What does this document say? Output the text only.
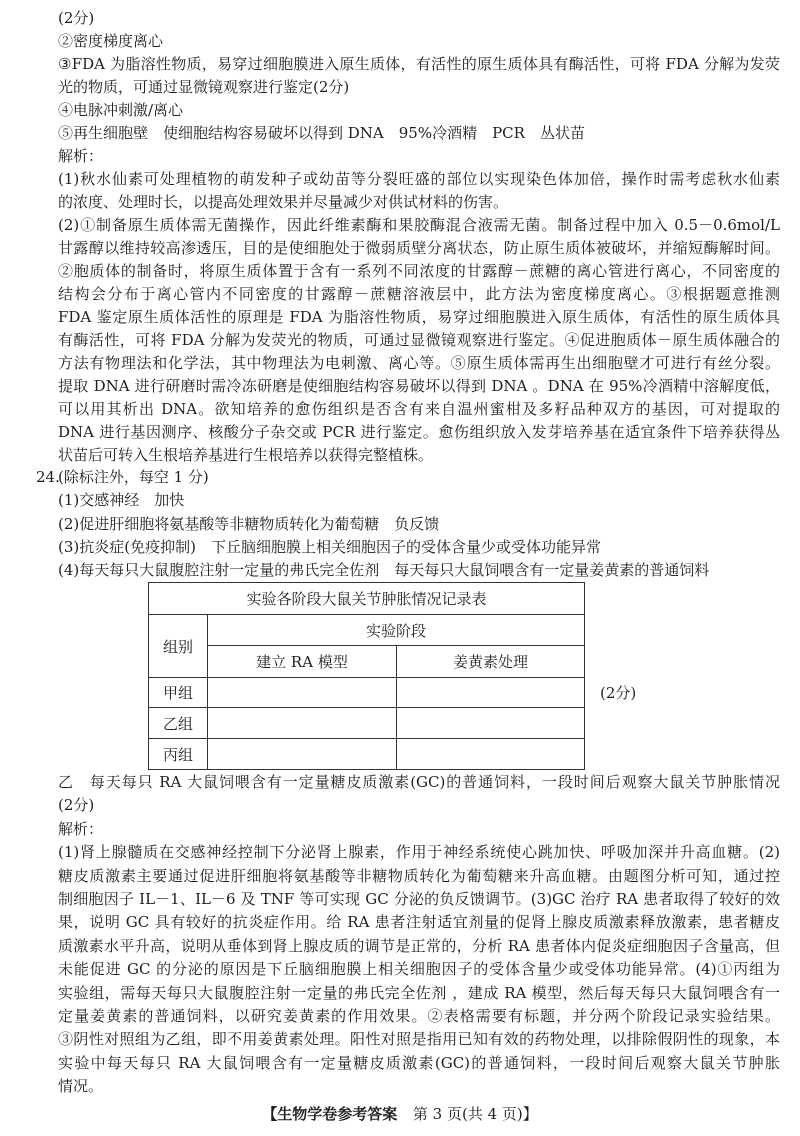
24.
实验各阶段大鼠关节肿胀情况记录表		
组别	实验阶段	
	建立 RA 模型	姜黄素处理
甲组		
乙组		
丙组		
(2分)
【生物学卷参考答案 第 3 页(共 4 页)】
(2分)
②密度梯度离心
③FDA 为脂溶性物质，易穿过细胞膜进入原生质体，有活性的原生质体具有酶活性，可将 FDA 分解为发荧
光的物质，可通过显微镜观察进行鉴定(2分)
④电脉冲刺激/离心
⑤再生细胞壁　使细胞结构容易破坏以得到 DNA　95%冷酒精　PCR　丛状苗
解析：
(1)秋水仙素可处理植物的萌发种子或幼苗等分裂旺盛的部位以实现染色体加倍，操作时需考虑秋水仙素
的浓度、处理时长，以提高处理效果并尽量减少对供试材料的伤害。
(2)①制备原生质体需无菌操作，因此纤维素酶和果胶酶混合液需无菌。制备过程中加入 0.5－0.6mol/L
甘露醇以维持较高渗透压，目的是使细胞处于微弱质壁分离状态，防止原生质体被破坏，并缩短酶解时间。
②胞质体的制备时，将原生质体置于含有一系列不同浓度的甘露醇－蔗糖的离心管进行离心，不同密度的
结构会分布于离心管内不同密度的甘露醇－蔗糖溶液层中，此方法为密度梯度离心。③根据题意推测
FDA 鉴定原生质体活性的原理是 FDA 为脂溶性物质，易穿过细胞膜进入原生质体，有活性的原生质体具
有酶活性，可将 FDA 分解为发荧光的物质，可通过显微镜观察进行鉴定。④促进胞质体－原生质体融合的
方法有物理法和化学法，其中物理法为电刺激、离心等。⑤原生质体需再生出细胞壁才可进行有丝分裂。
提取 DNA 进行研磨时需冷冻研磨是使细胞结构容易破坏以得到 DNA 。DNA 在 95%冷酒精中溶解度低，
可以用其析出 DNA。欲知培养的愈伤组织是否含有来自温州蜜柑及多籽品种双方的基因，可对提取的
DNA 进行基因测序、核酸分子杂交或 PCR 进行鉴定。愈伤组织放入发芽培养基在适宜条件下培养获得丛
状苗后可转入生根培养基进行生根培养以获得完整植株。
(除标注外，每空 1 分)
(1)交感神经　加快
(2)促进肝细胞将氨基酸等非糖物质转化为葡萄糖　负反馈
(3)抗炎症(免疫抑制)　下丘脑细胞膜上相关细胞因子的受体含量少或受体功能异常
(4)每天每只大鼠腹腔注射一定量的弗氏完全佐剂　每天每只大鼠饲喂含有一定量姜黄素的普通饲料
乙　每天每只 RA 大鼠饲喂含有一定量糖皮质激素(GC)的普通饲料，一段时间后观察大鼠关节肿胀情况
(2分)
解析：
(1)肾上腺髓质在交感神经控制下分泌肾上腺素，作用于神经系统使心跳加快、呼吸加深并升高血糖。(2)
糖皮质激素主要通过促进肝细胞将氨基酸等非糖物质转化为葡萄糖来升高血糖。由题图分析可知，通过控
制细胞因子 IL－1、IL－6 及 TNF 等可实现 GC 分泌的负反馈调节。(3)GC 治疗 RA 患者取得了较好的效
果，说明 GC 具有较好的抗炎症作用。给 RA 患者注射适宜剂量的促肾上腺皮质激素释放激素，患者糖皮
质激素水平升高，说明从垂体到肾上腺皮质的调节是正常的，分析 RA 患者体内促炎症细胞因子含量高，但
未能促进 GC 的分泌的原因是下丘脑细胞膜上相关细胞因子的受体含量少或受体功能异常。(4)①丙组为
实验组，需每天每只大鼠腹腔注射一定量的弗氏完全佐剂 ，建成 RA 模型，然后每天每只大鼠饲喂含有一
定量姜黄素的普通饲料，以研究姜黄素的作用效果。②表格需要有标题，并分两个阶段记录实验结果。
③阴性对照组为乙组，即不用姜黄素处理。阳性对照是指用已知有效的药物处理，以排除假阴性的现象，本
实验中每天每只 RA 大鼠饲喂含有一定量糖皮质激素(GC)的普通饲料，一段时间后观察大鼠关节肿胀
情况。
